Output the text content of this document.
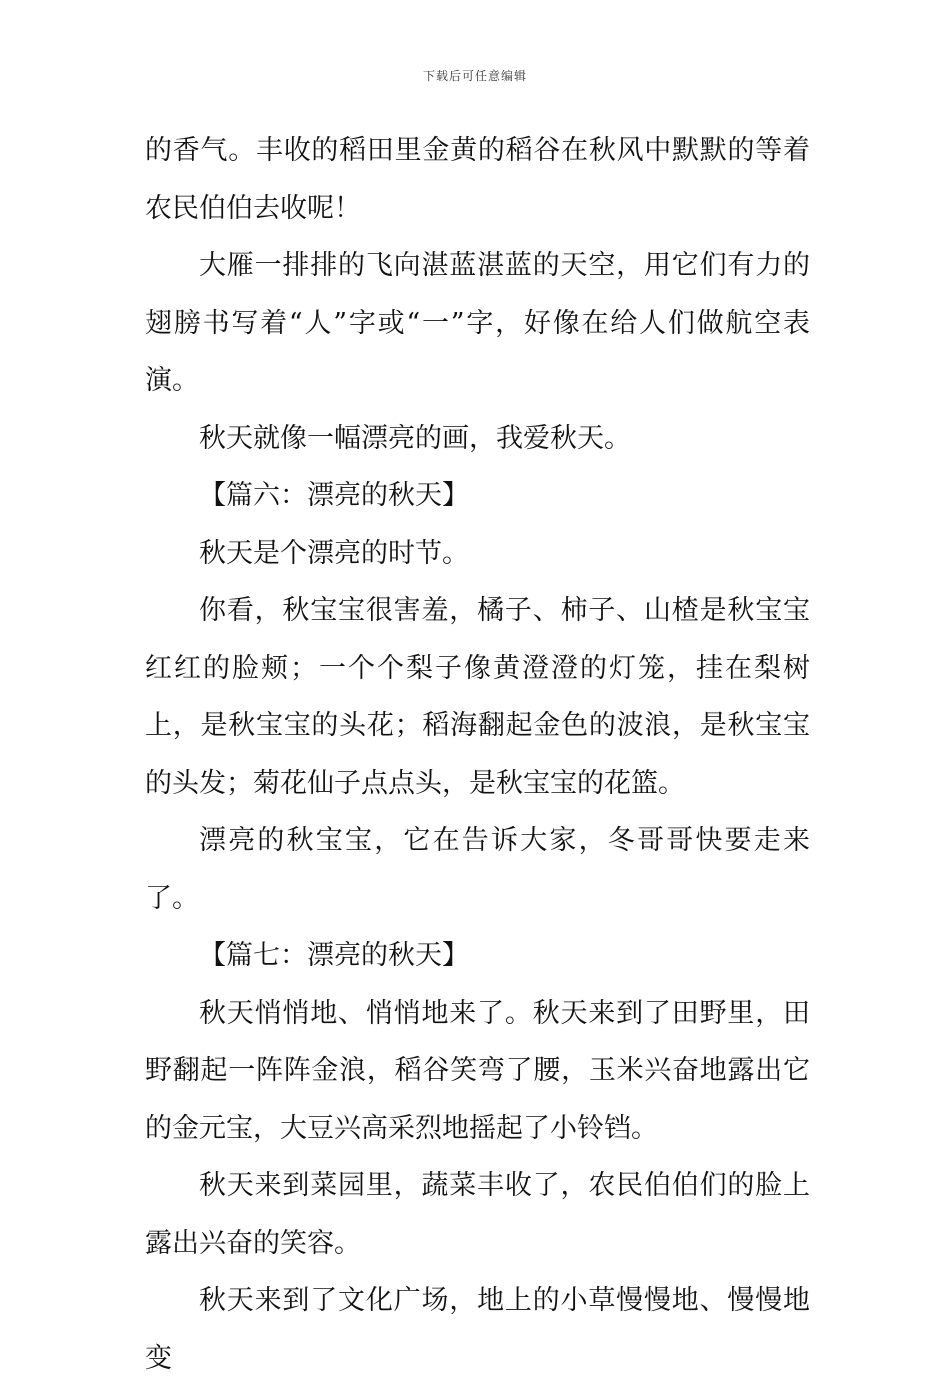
下载后可任意编辑

的香气。丰收的稻田里金黄的稻谷在秋风中默默的等着农民伯伯去收呢！

大雁一排排的飞向湛蓝湛蓝的天空，用它们有力的翅膀书写着“人”字或“一”字，好像在给人们做航空表演。

秋天就像一幅漂亮的画，我爱秋天。

【篇六：漂亮的秋天】

秋天是个漂亮的时节。

你看，秋宝宝很害羞，橘子、柿子、山楂是秋宝宝红红的脸颊；一个个梨子像黄澄澄的灯笼，挂在梨树上，是秋宝宝的头花；稻海翻起金色的波浪，是秋宝宝的头发；菊花仙子点点头，是秋宝宝的花篮。

漂亮的秋宝宝，它在告诉大家，冬哥哥快要走来了。

【篇七：漂亮的秋天】

秋天悄悄地、悄悄地来了。秋天来到了田野里，田野翻起一阵阵金浪，稻谷笑弯了腰，玉米兴奋地露出它的金元宝，大豆兴高采烈地摇起了小铃铛。

秋天来到菜园里，蔬菜丰收了，农民伯伯们的脸上露出兴奋的笑容。

秋天来到了文化广场，地上的小草慢慢地、慢慢地变
